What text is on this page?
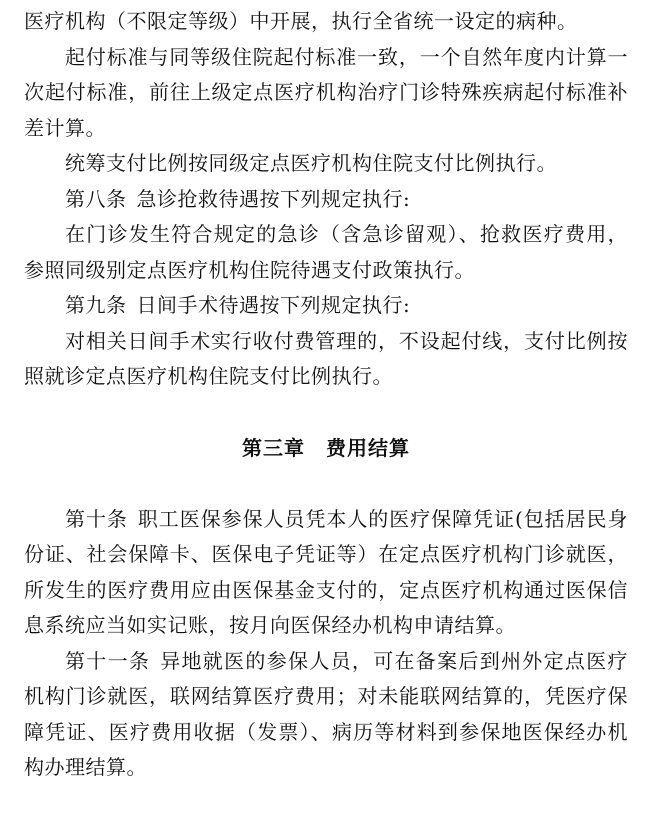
医疗机构（不限定等级）中开展，执行全省统一设定的病种。

起付标准与同等级住院起付标准一致，一个自然年度内计算一次起付标准，前往上级定点医疗机构治疗门诊特殊疾病起付标准补差计算。

统筹支付比例按同级定点医疗机构住院支付比例执行。

第八条 急诊抢救待遇按下列规定执行:

在门诊发生符合规定的急诊（含急诊留观）、抢救医疗费用，参照同级别定点医疗机构住院待遇支付政策执行。

第九条 日间手术待遇按下列规定执行:

对相关日间手术实行收付费管理的，不设起付线，支付比例按照就诊定点医疗机构住院支付比例执行。

第三章　费用结算

第十条 职工医保参保人员凭本人的医疗保障凭证(包括居民身份证、社会保障卡、医保电子凭证等）在定点医疗机构门诊就医，所发生的医疗费用应由医保基金支付的，定点医疗机构通过医保信息系统应当如实记账，按月向医保经办机构申请结算。

第十一条 异地就医的参保人员，可在备案后到州外定点医疗机构门诊就医，联网结算医疗费用；对未能联网结算的，凭医疗保障凭证、医疗费用收据（发票）、病历等材料到参保地医保经办机构办理结算。
